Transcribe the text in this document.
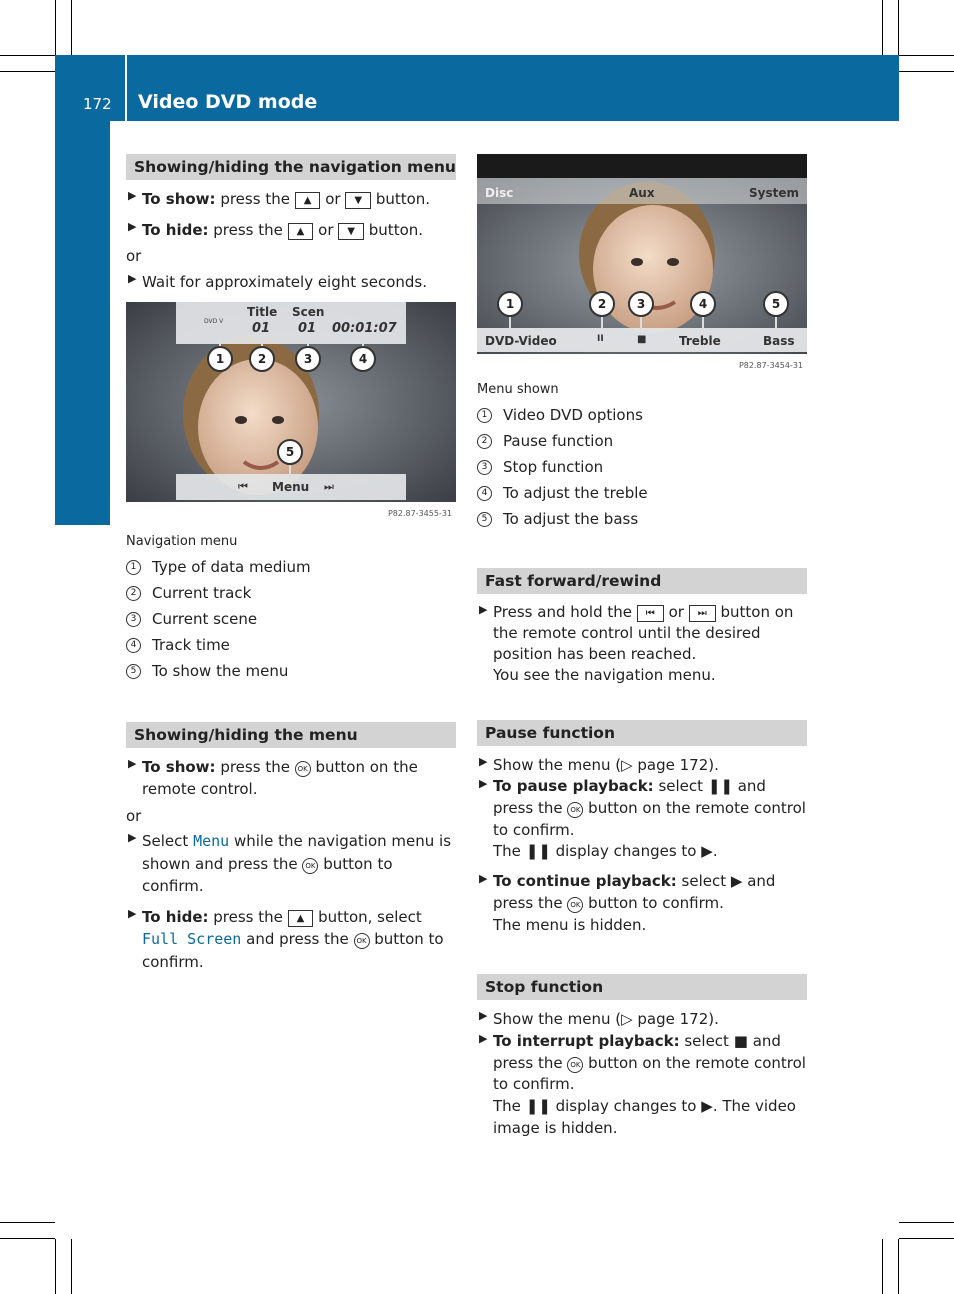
172 Video DVD mode
Rear Seat Entertainment
Showing/hiding the navigation menu

▶ To show: press the ▲ or ▼ button.

▶ To hide: press the ▲ or ▼ button.

or

▶ Wait for approximately eight seconds.

DVD V
Title Scen
01 01 00:01:07
⏮ Menu ⏭
P82.87-3455-31
1	2	3	4
5

Navigation menu

1	Type of data medium

2	Current track

3	Current scene

4	Track time

5	To show the menu

Showing/hiding the menu

▶ To show: press the OK button on the remote control.

or

▶ Select Menu while the navigation menu is shown and press the OK button to confirm.

▶ To hide: press the ▲ button, select Full Screen and press the OK button to confirm.

Disc	Aux	System
DVD-Video	II	■	Treble	Bass
P82.87-3454-31
1	2	3	4	5

Menu shown

1	Video DVD options

2	Pause function

3	Stop function

4	To adjust the treble

5	To adjust the bass

Fast forward/rewind

▶ Press and hold the ⏮ or ⏭ button on the remote control until the desired position has been reached.
You see the navigation menu.

Pause function

▶ Show the menu (▷ page 172).

▶ To pause playback: select ❚❚ and press the OK button on the remote control to confirm.
The ❚❚ display changes to ▶.

▶ To continue playback: select ▶ and press the OK button to confirm.
The menu is hidden.

Stop function

▶ Show the menu (▷ page 172).

▶ To interrupt playback: select ■ and press the OK button on the remote control to confirm.
The ❚❚ display changes to ▶. The video image is hidden.
